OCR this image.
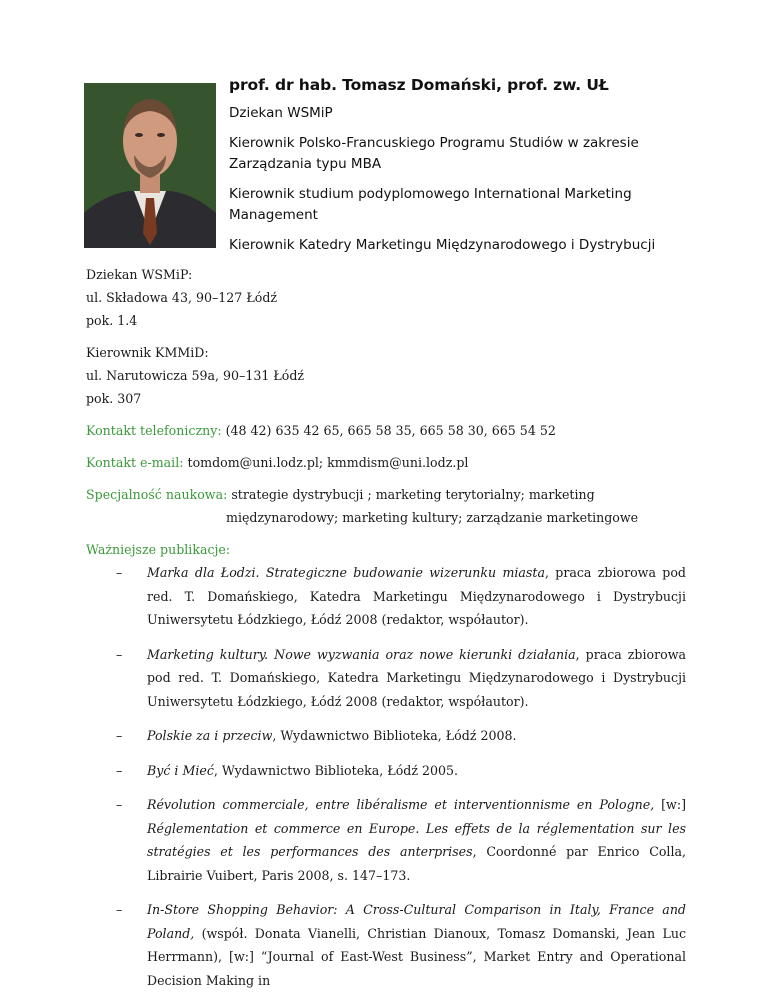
prof. dr hab. Tomasz Domański, prof. zw. UŁ

Dziekan WSMiP

Kierownik Polsko-Francuskiego Programu Studiów w zakresie Zarządzania typu MBA

Kierownik studium podyplomowego International Marketing Management

Kierownik Katedry Marketingu Międzynarodowego i Dystrybucji

Dziekan WSMiP:

ul. Składowa 43, 90–127 Łódź

pok. 1.4

Kierownik KMMiD:

ul. Narutowicza 59a, 90–131 Łódź

pok. 307

Kontakt telefoniczny: (48 42) 635 42 65, 665 58 35, 665 58 30, 665 54 52

Kontakt e-mail: tomdom@uni.lodz.pl; kmmdism@uni.lodz.pl

Specjalność naukowa: strategie dystrybucji ; marketing terytorialny; marketing

międzynarodowy; marketing kultury; zarządzanie marketingowe

Ważniejsze publikacje:

– Marka dla Łodzi. Strategiczne budowanie wizerunku miasta, praca zbiorowa pod red. T. Domańskiego, Katedra Marketingu Międzynarodowego i Dystrybucji Uniwersytetu Łódzkiego, Łódź 2008 (redaktor, współautor).
– Marketing kultury. Nowe wyzwania oraz nowe kierunki działania, praca zbiorowa pod red. T. Domańskiego, Katedra Marketingu Międzynarodowego i Dystrybucji Uniwersytetu Łódzkiego, Łódź 2008 (redaktor, współautor).
– Polskie za i przeciw, Wydawnictwo Biblioteka, Łódź 2008.
– Być i Mieć, Wydawnictwo Biblioteka, Łódź 2005.
– Révolution commerciale, entre libéralisme et interventionnisme en Pologne, [w:] Réglementation et commerce en Europe. Les effets de la réglementation sur les stratégies et les performances des anterprises, Coordonné par Enrico Colla, Librairie Vuibert, Paris 2008, s. 147–173.
– In-Store Shopping Behavior: A Cross-Cultural Comparison in Italy, France and Poland, (współ. Donata Vianelli, Christian Dianoux, Tomasz Domanski, Jean Luc Herrmann), [w:] “Journal of East-West Business”, Market Entry and Operational Decision Making in
